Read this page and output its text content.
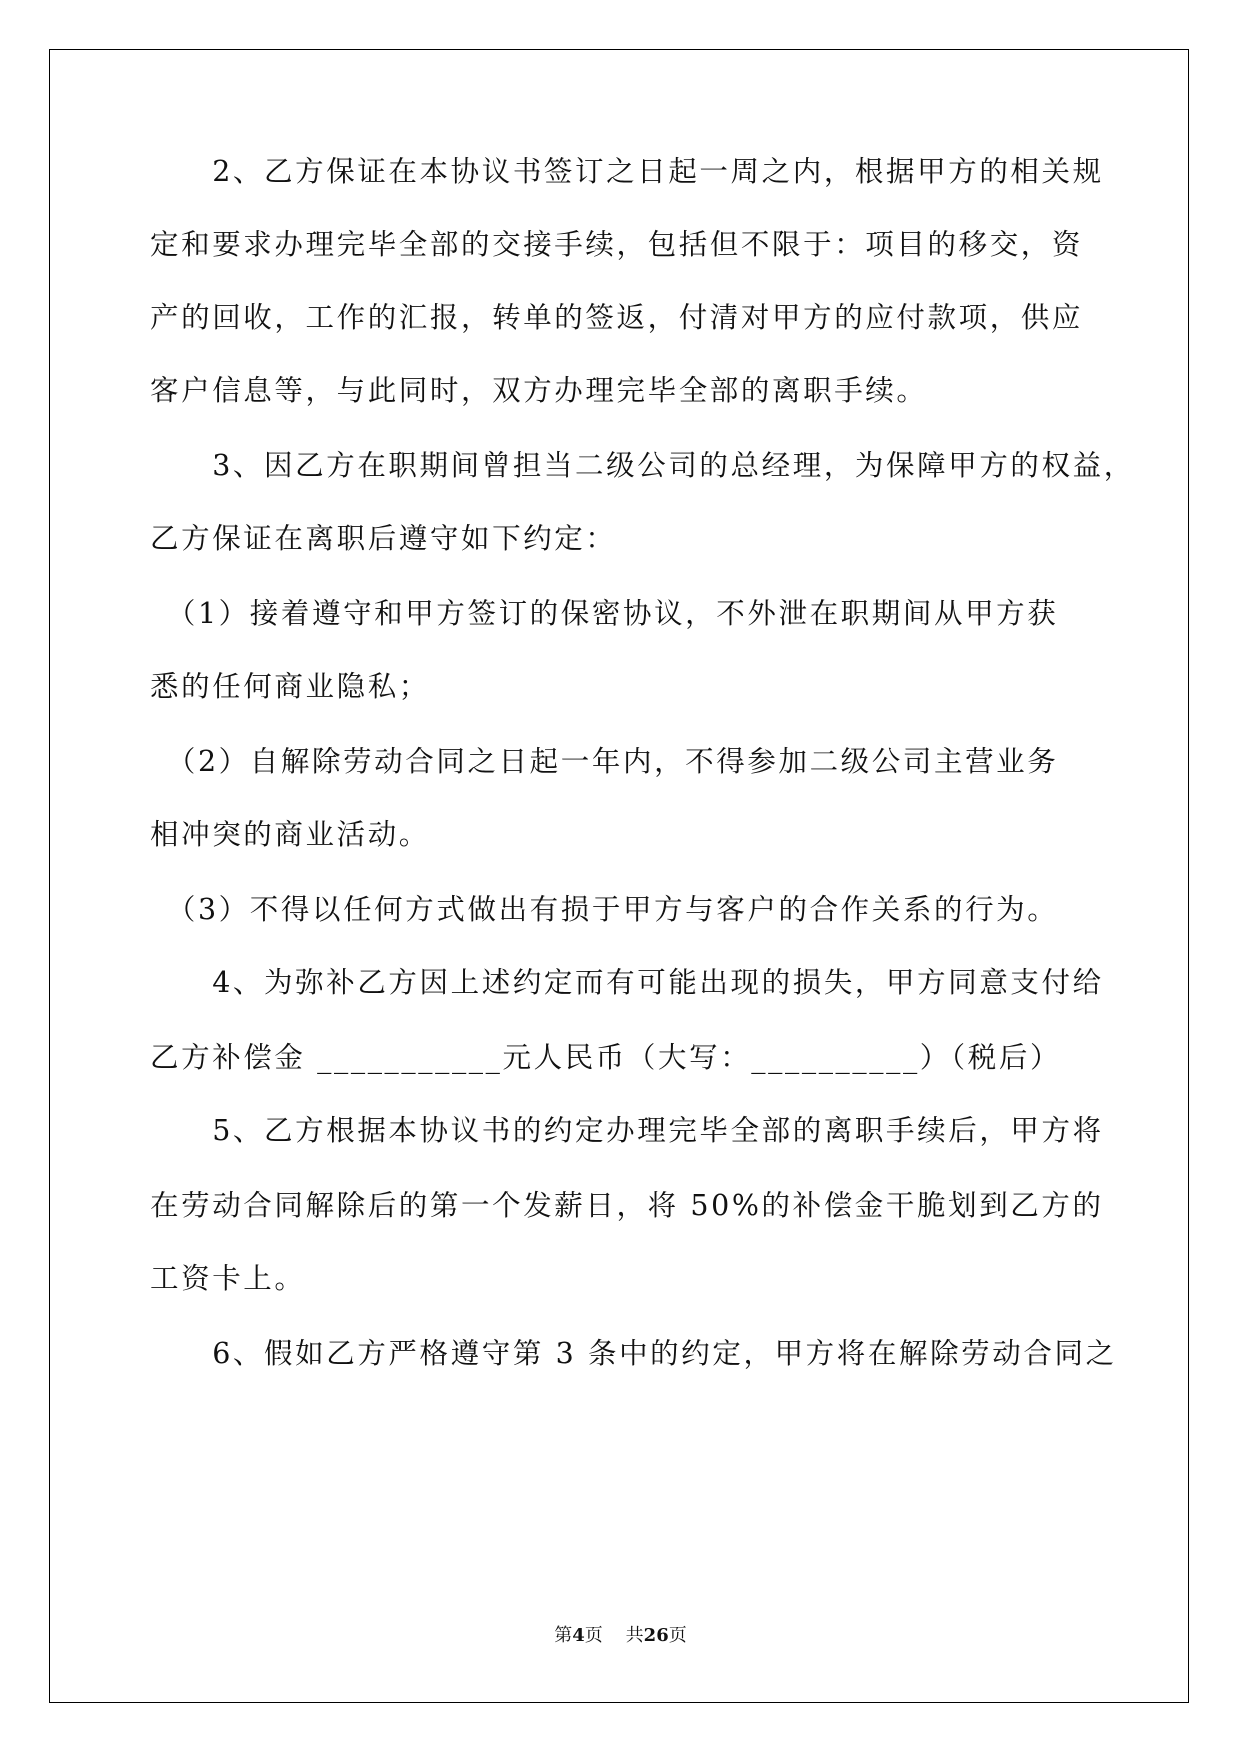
　　2、乙方保证在本协议书签订之日起一周之内，根据甲方的相关规
定和要求办理完毕全部的交接手续，包括但不限于：项目的移交，资
产的回收，工作的汇报，转单的签返，付清对甲方的应付款项，供应
客户信息等，与此同时，双方办理完毕全部的离职手续。
　　3、因乙方在职期间曾担当二级公司的总经理，为保障甲方的权益，
乙方保证在离职后遵守如下约定：
　（1）接着遵守和甲方签订的保密协议，不外泄在职期间从甲方获
悉的任何商业隐私；
　（2）自解除劳动合同之日起一年内，不得参加二级公司主营业务
相冲突的商业活动。
　（3）不得以任何方式做出有损于甲方与客户的合作关系的行为。
　　4、为弥补乙方因上述约定而有可能出现的损失，甲方同意支付给
乙方补偿金 ___________元人民币（大写：__________）（税后）
　　5、乙方根据本协议书的约定办理完毕全部的离职手续后，甲方将
在劳动合同解除后的第一个发薪日，将 50%的补偿金干脆划到乙方的
工资卡上。
　　6、假如乙方严格遵守第 3 条中的约定，甲方将在解除劳动合同之
第4页 共26页
